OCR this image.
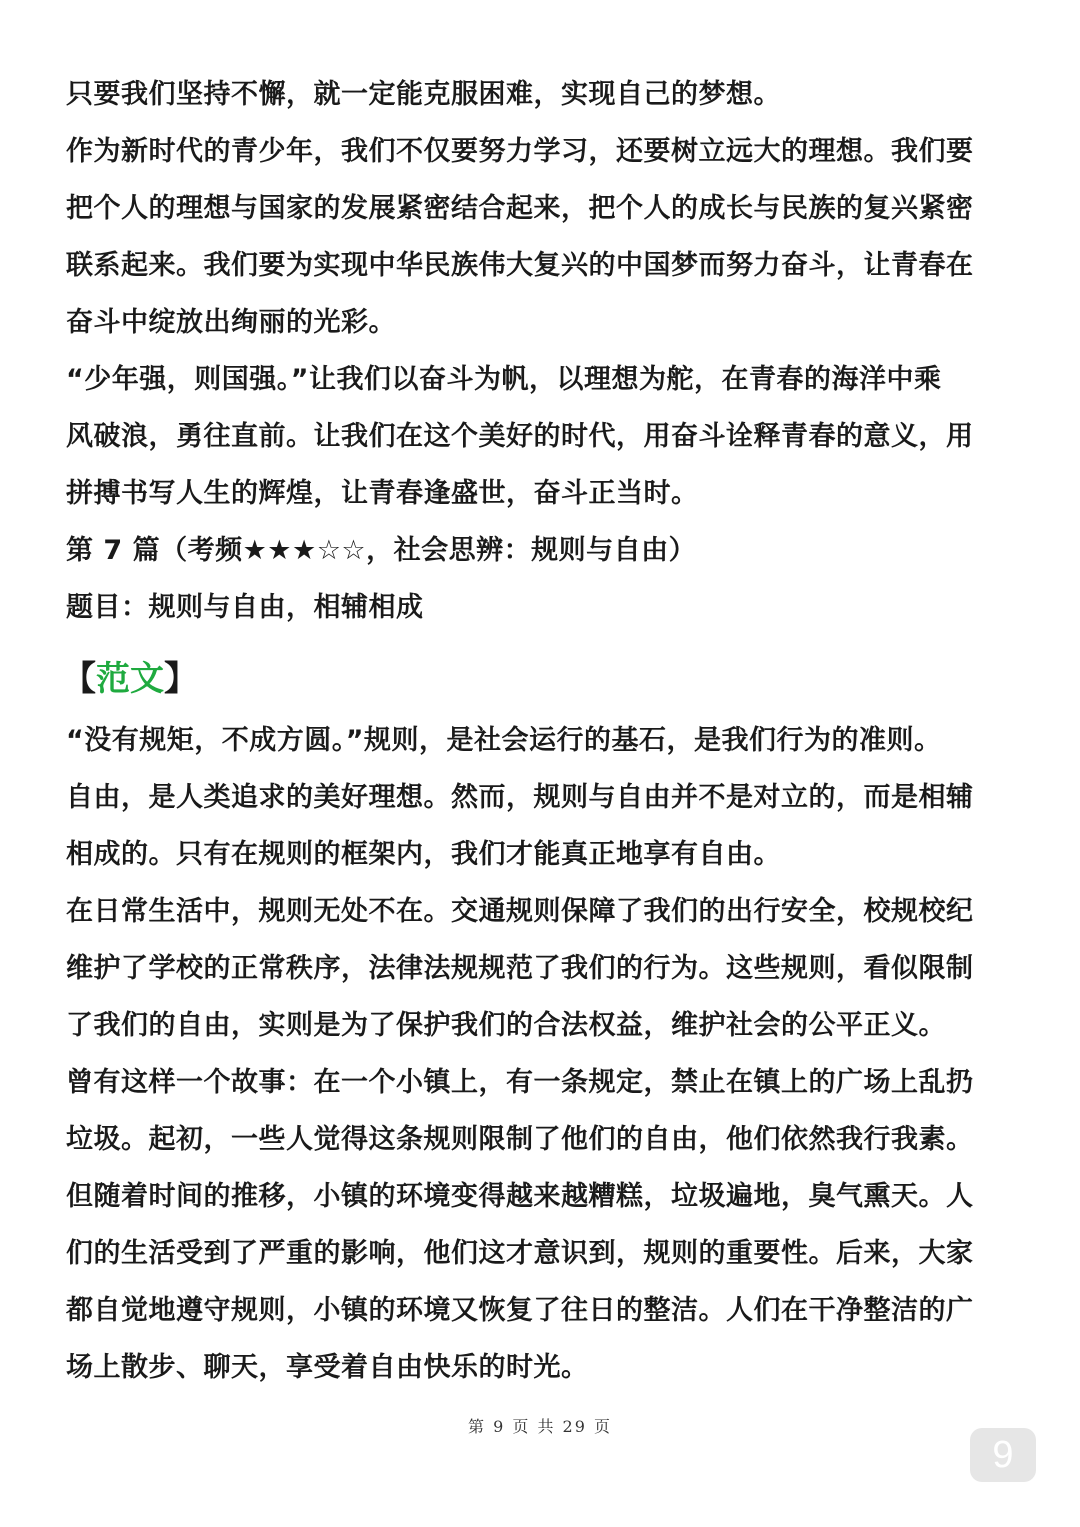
只要我们坚持不懈，就一定能克服困难，实现自己的梦想。
作为新时代的青少年，我们不仅要努力学习，还要树立远大的理想。我们要
把个人的理想与国家的发展紧密结合起来，把个人的成长与民族的复兴紧密
联系起来。我们要为实现中华民族伟大复兴的中国梦而努力奋斗，让青春在
奋斗中绽放出绚丽的光彩。
“少年强，则国强。”让我们以奋斗为帆，以理想为舵，在青春的海洋中乘
风破浪，勇往直前。让我们在这个美好的时代，用奋斗诠释青春的意义，用
拼搏书写人生的辉煌，让青春逢盛世，奋斗正当时。
第 7 篇（考频★★★☆☆，社会思辨：规则与自由）
题目：规则与自由，相辅相成
【范文】
“没有规矩，不成方圆。”规则，是社会运行的基石，是我们行为的准则。
自由，是人类追求的美好理想。然而，规则与自由并不是对立的，而是相辅
相成的。只有在规则的框架内，我们才能真正地享有自由。
在日常生活中，规则无处不在。交通规则保障了我们的出行安全，校规校纪
维护了学校的正常秩序，法律法规规范了我们的行为。这些规则，看似限制
了我们的自由，实则是为了保护我们的合法权益，维护社会的公平正义。
曾有这样一个故事：在一个小镇上，有一条规定，禁止在镇上的广场上乱扔
垃圾。起初，一些人觉得这条规则限制了他们的自由，他们依然我行我素。
但随着时间的推移，小镇的环境变得越来越糟糕，垃圾遍地，臭气熏天。人
们的生活受到了严重的影响，他们这才意识到，规则的重要性。后来，大家
都自觉地遵守规则，小镇的环境又恢复了往日的整洁。人们在干净整洁的广
场上散步、聊天，享受着自由快乐的时光。
第 9 页 共 29 页
9
